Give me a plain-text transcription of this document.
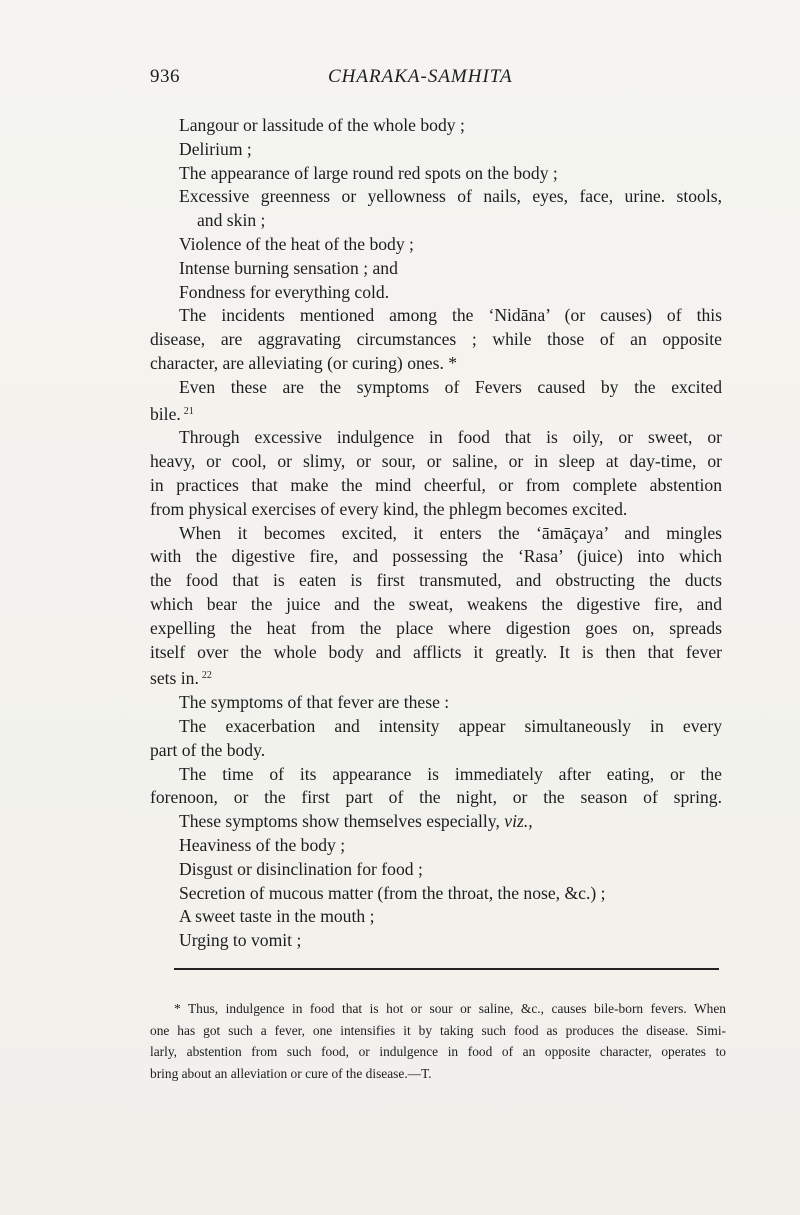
936	CHARAKA-SAMHITA
Langour or lassitude of the whole body ;
Delirium ;
The appearance of large round red spots on the body ;
Excessive greenness or yellowness of nails, eyes, face, urine. stools,
and skin ;
Violence of the heat of the body ;
Intense burning sensation ; and
Fondness for everything cold.
The incidents mentioned among the ‘Nidāna’ (or causes) of this
disease, are aggravating circumstances ; while those of an opposite
character, are alleviating (or curing) ones. *
Even these are the symptoms of Fevers caused by the excited
bile. $^{21}$
Through excessive indulgence in food that is oily, or sweet, or
heavy, or cool, or slimy, or sour, or saline, or in sleep at day-time, or
in practices that make the mind cheerful, or from complete abstention
from physical exercises of every kind, the phlegm becomes excited.
When it becomes excited, it enters the ‘āmāçaya’ and mingles
with the digestive fire, and possessing the ‘Rasa’ (juice) into which
the food that is eaten is first transmuted, and obstructing the ducts
which bear the juice and the sweat, weakens the digestive fire, and
expelling the heat from the place where digestion goes on, spreads
itself over the whole body and afflicts it greatly. It is then that fever
sets in. $^{22}$
The symptoms of that fever are these :
The exacerbation and intensity appear simultaneously in every
part of the body.
The time of its appearance is immediately after eating, or the
forenoon, or the first part of the night, or the season of spring.
These symptoms show themselves especially, viz.,
Heaviness of the body ;
Disgust or disinclination for food ;
Secretion of mucous matter (from the throat, the nose, &c.) ;
A sweet taste in the mouth ;
Urging to vomit ;
* Thus, indulgence in food that is hot or sour or saline, &c., causes bile-born fevers. When
one has got such a fever, one intensifies it by taking such food as produces the disease. Simi-
larly, abstention from such food, or indulgence in food of an opposite character, operates to
bring about an alleviation or cure of the disease.—T.
